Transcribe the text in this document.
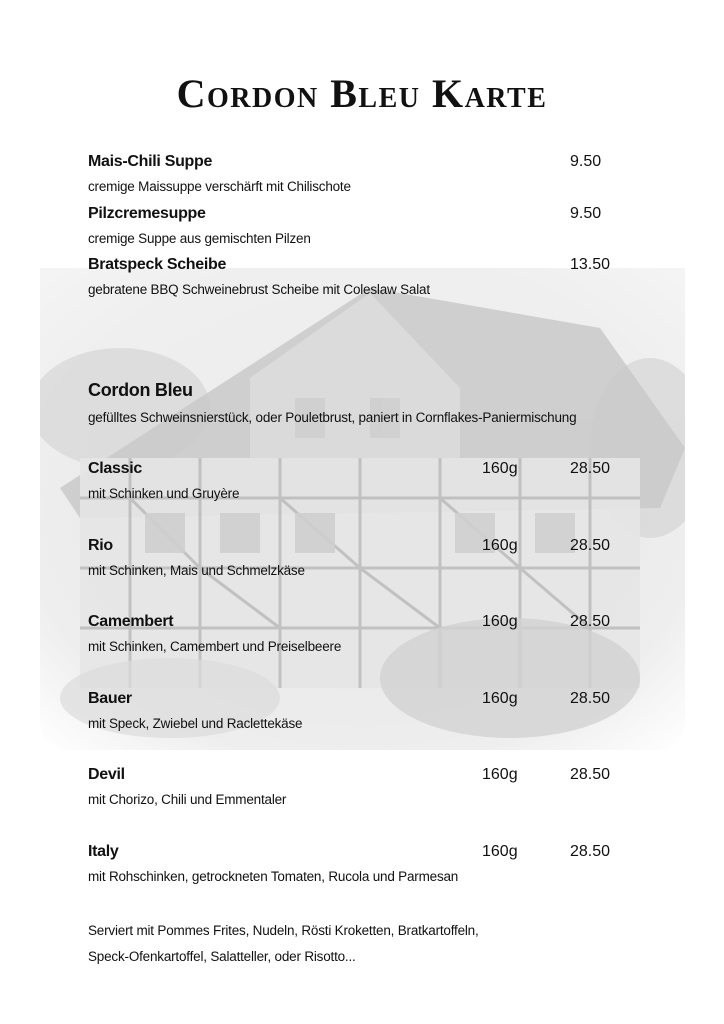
Cordon Bleu Karte
Mais-Chili Suppe	9.50
cremige Maissuppe verschärft mit Chilischote
Pilzcremesuppe	9.50
cremige Suppe aus gemischten Pilzen
Bratspeck Scheibe	13.50
gebratene BBQ Schweinebrust Scheibe mit Coleslaw Salat
Cordon Bleu
gefülltes Schweinsnierstück, oder Pouletbrust, paniert in Cornflakes-Paniermischung
Classic	160g	28.50
mit Schinken und Gruyère
Rio	160g	28.50
mit Schinken, Mais und Schmelzkäse
Camembert	160g	28.50
mit Schinken, Camembert und Preiselbeere
Bauer	160g	28.50
mit Speck, Zwiebel und Raclettekäse
Devil	160g	28.50
mit Chorizo, Chili und Emmentaler
Italy	160g	28.50
mit Rohschinken, getrockneten Tomaten, Rucola und Parmesan
Serviert mit Pommes Frites, Nudeln, Rösti Kroketten, Bratkartoffeln,
Speck-Ofenkartoffel, Salatteller, oder Risotto...
